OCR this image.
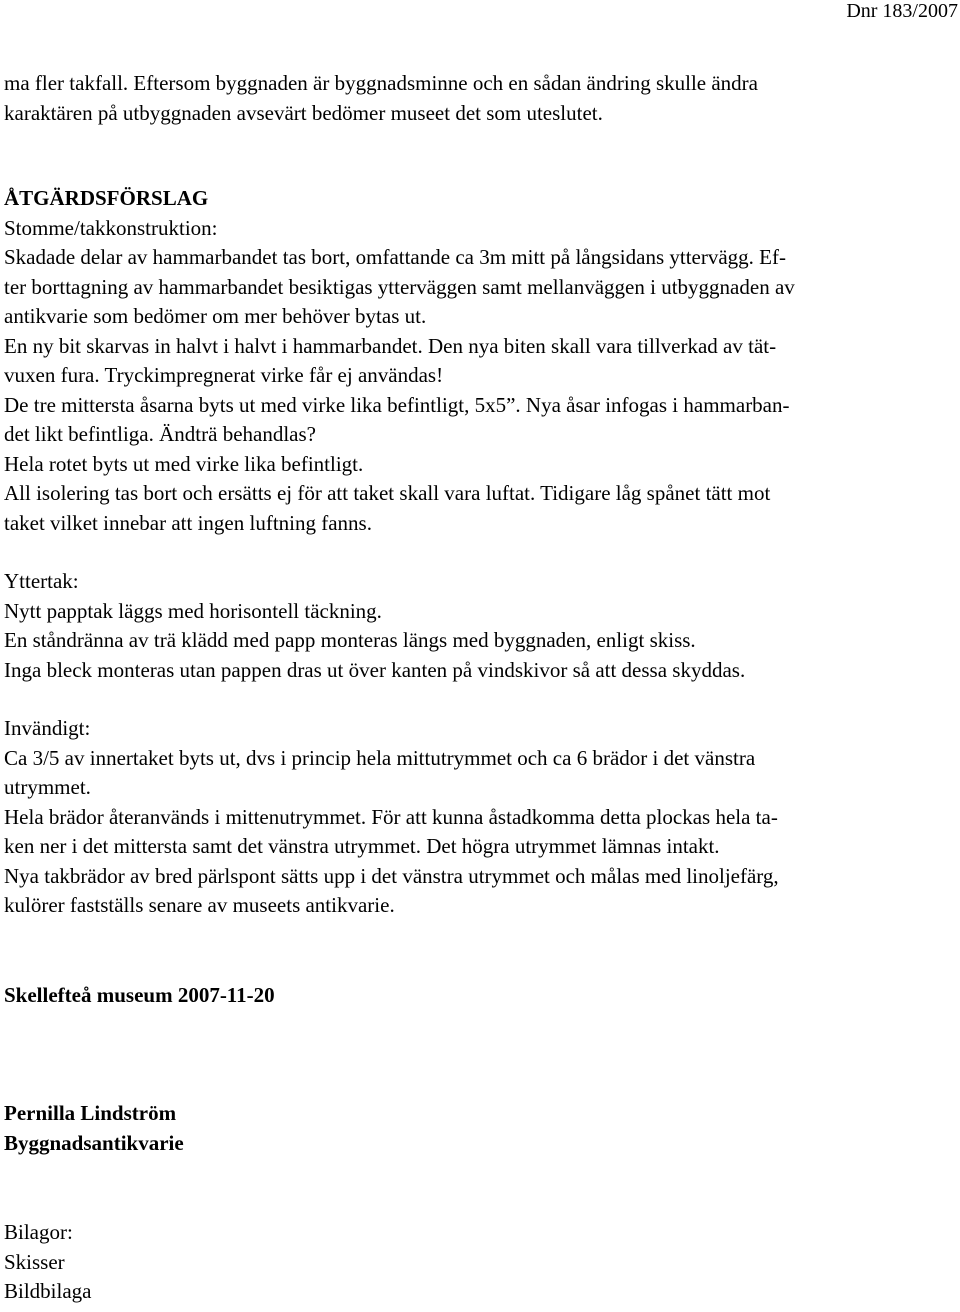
Dnr 183/2007
ma fler takfall. Eftersom byggnaden är byggnadsminne och en sådan ändring skulle ändra
karaktären på utbyggnaden avsevärt bedömer museet det som uteslutet.
ÅTGÄRDSFÖRSLAG
Stomme/takkonstruktion:
Skadade delar av hammarbandet tas bort, omfattande ca 3m mitt på långsidans yttervägg. Ef-
ter borttagning av hammarbandet besiktigas ytterväggen samt mellanväggen i utbyggnaden av
antikvarie som bedömer om mer behöver bytas ut.
En ny bit skarvas in halvt i halvt i hammarbandet. Den nya biten skall vara tillverkad av tät-
vuxen fura. Tryckimpregnerat virke får ej användas!
De tre mittersta åsarna byts ut med virke lika befintligt, 5x5”. Nya åsar infogas i hammarban-
det likt befintliga. Ändträ behandlas?
Hela rotet byts ut med virke lika befintligt.
All isolering tas bort och ersätts ej för att taket skall vara luftat. Tidigare låg spånet tätt mot
taket vilket innebar att ingen luftning fanns.
Yttertak:
Nytt papptak läggs med horisontell täckning.
En ståndränna av trä klädd med papp monteras längs med byggnaden, enligt skiss.
Inga bleck monteras utan pappen dras ut över kanten på vindskivor så att dessa skyddas.
Invändigt:
Ca 3/5 av innertaket byts ut, dvs i princip hela mittutrymmet och ca 6 brädor i det vänstra
utrymmet.
Hela brädor återanvänds i mittenutrymmet. För att kunna åstadkomma detta plockas hela ta-
ken ner i det mittersta samt det vänstra utrymmet. Det högra utrymmet lämnas intakt.
Nya takbrädor av bred pärlspont sätts upp i det vänstra utrymmet och målas med linoljefärg,
kulörer fastställs senare av museets antikvarie.
Skellefteå museum 2007-11-20
Pernilla Lindström
Byggnadsantikvarie
Bilagor:
Skisser
Bildbilaga
